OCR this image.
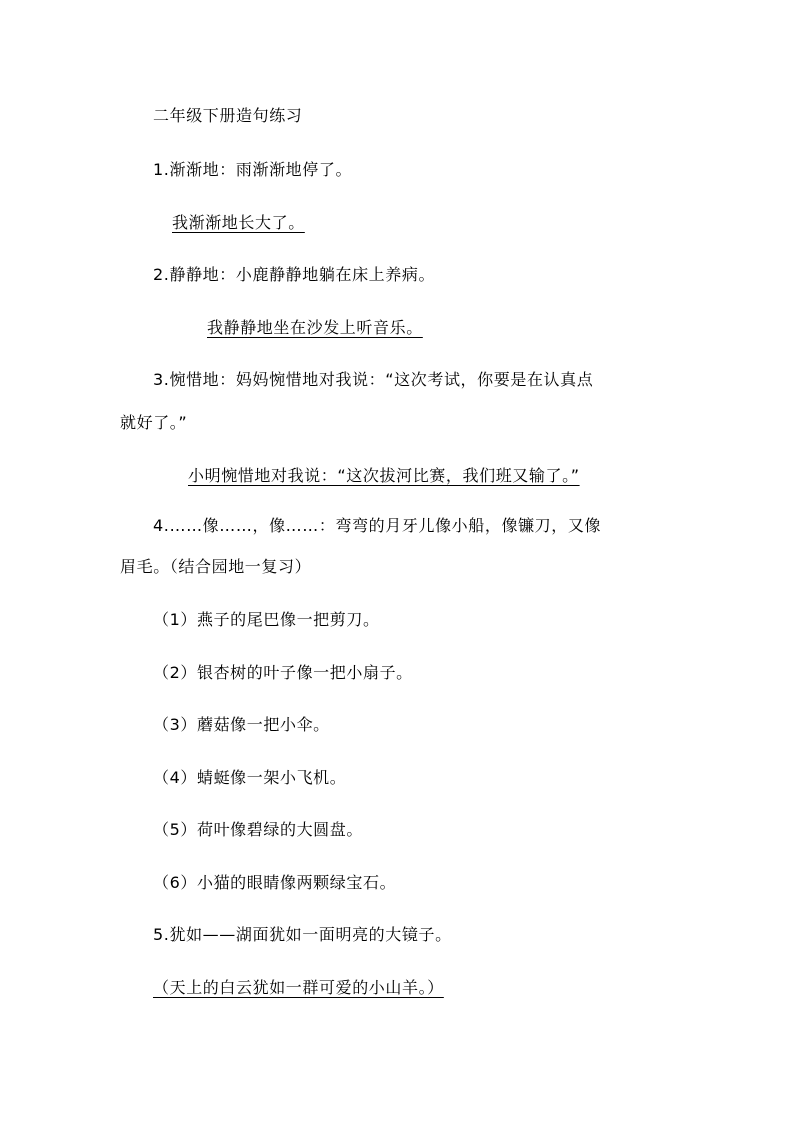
二年级下册造句练习
1.渐渐地：雨渐渐地停了。
我渐渐地长大了。
2.静静地：小鹿静静地躺在床上养病。
我静静地坐在沙发上听音乐。
3.惋惜地：妈妈惋惜地对我说：“这次考试，你要是在认真点
就好了。”
小明惋惜地对我说：“这次拔河比赛，我们班又输了。”
4.……像……，像……：弯弯的月牙儿像小船，像镰刀，又像
眉毛。（结合园地一复习）
（1）燕子的尾巴像一把剪刀。
（2）银杏树的叶子像一把小扇子。
（3）蘑菇像一把小伞。
（4）蜻蜓像一架小飞机。
（5）荷叶像碧绿的大圆盘。
（6）小猫的眼睛像两颗绿宝石。
5.犹如——湖面犹如一面明亮的大镜子。
（天上的白云犹如一群可爱的小山羊。）
